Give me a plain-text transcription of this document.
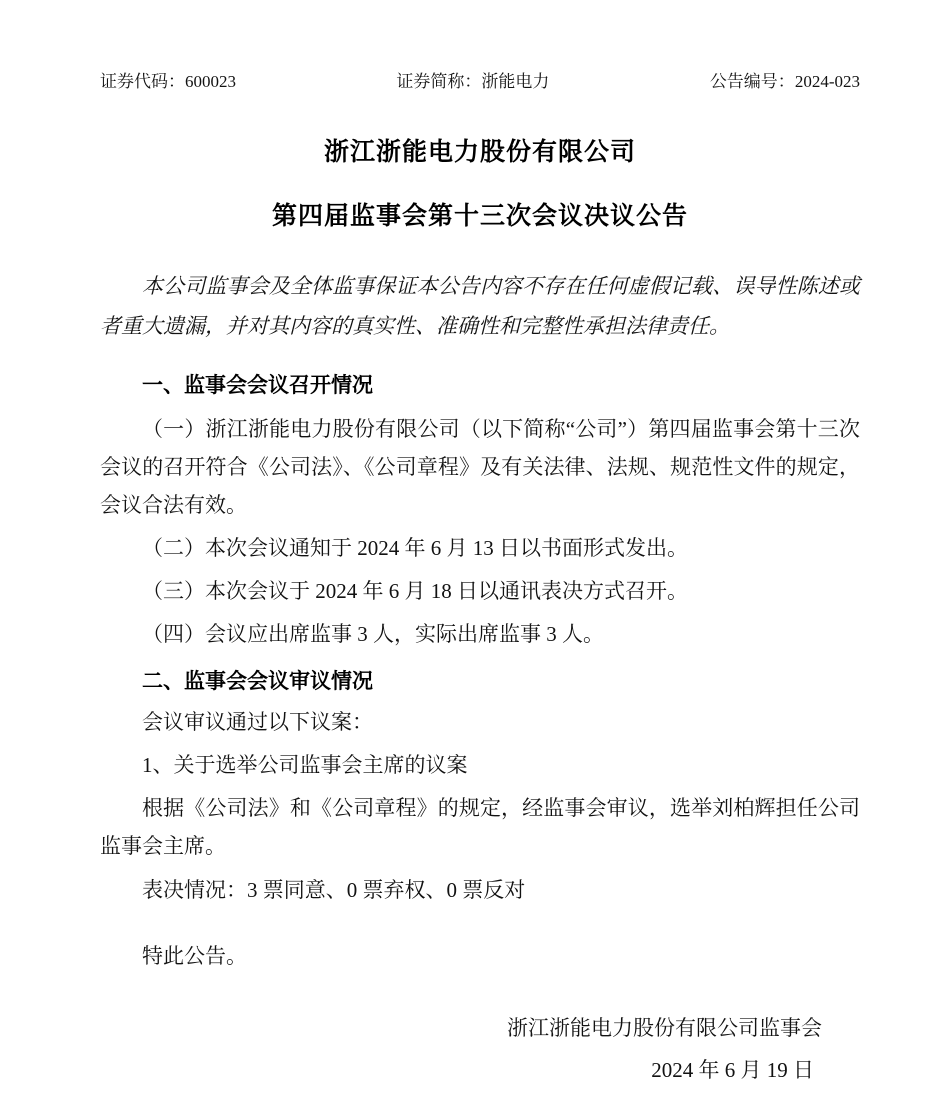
证券代码：600023	证券简称：浙能电力	公告编号：2024-023
浙江浙能电力股份有限公司
第四届监事会第十三次会议决议公告

本公司监事会及全体监事保证本公告内容不存在任何虚假记载、误导性陈述或者重大遗漏，并对其内容的真实性、准确性和完整性承担法律责任。

一、监事会会议召开情况

（一）浙江浙能电力股份有限公司（以下简称“公司”）第四届监事会第十三次会议的召开符合《公司法》、《公司章程》及有关法律、法规、规范性文件的规定，会议合法有效。

（二）本次会议通知于 2024 年 6 月 13 日以书面形式发出。

（三）本次会议于 2024 年 6 月 18 日以通讯表决方式召开。

（四）会议应出席监事 3 人，实际出席监事 3 人。

二、监事会会议审议情况

会议审议通过以下议案：

1、关于选举公司监事会主席的议案

根据《公司法》和《公司章程》的规定，经监事会审议，选举刘柏辉担任公司监事会主席。

表决情况：3 票同意、0 票弃权、0 票反对

特此公告。

浙江浙能电力股份有限公司监事会
2024 年 6 月 19 日
